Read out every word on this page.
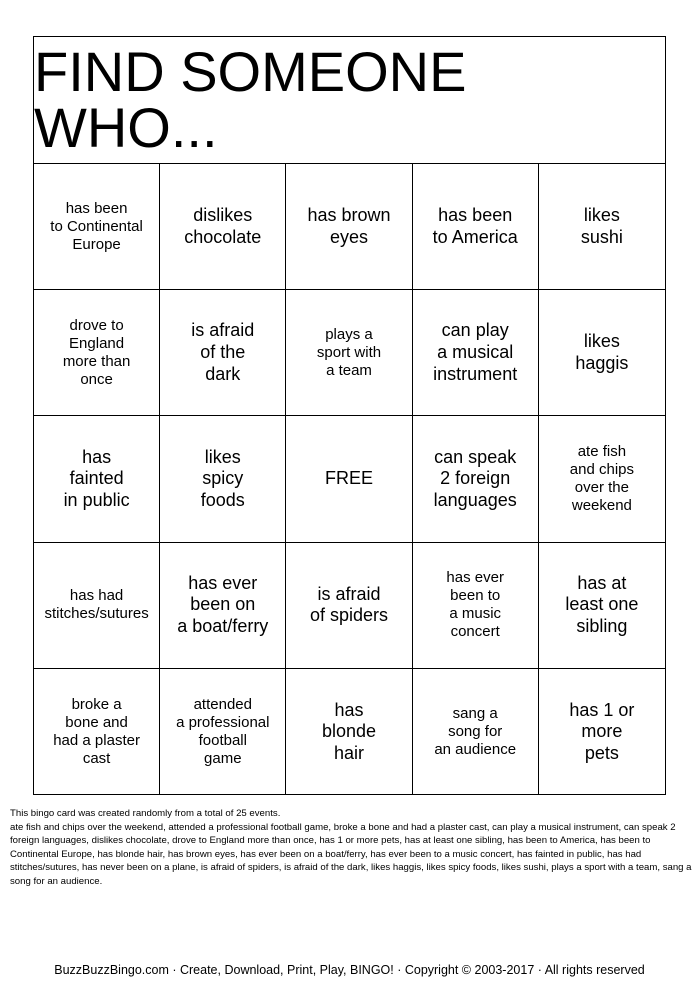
FIND SOMEONE WHO...
has been
to Continental
Europe
dislikes
chocolate
has brown
eyes
has been
to America
likes
sushi
drove to
England
more than
once
is afraid
of the
dark
plays a
sport with
a team
can play
a musical
instrument
likes
haggis
has
fainted
in public
likes
spicy
foods
FREE
can speak
2 foreign
languages
ate fish
and chips
over the
weekend
has had
stitches/sutures
has ever
been on
a boat/ferry
is afraid
of spiders
has ever
been to
a music
concert
has at
least one
sibling
broke a
bone and
had a plaster
cast
attended
a professional
football
game
has
blonde
hair
sang a
song for
an audience
has 1 or
more
pets

This bingo card was created randomly from a total of 25 events.

ate fish and chips over the weekend, attended a professional football game, broke a bone and had a plaster cast, can play a musical instrument, can speak 2 foreign languages, dislikes chocolate, drove to England more than once, has 1 or more pets, has at least one sibling, has been to America, has been to Continental Europe, has blonde hair, has brown eyes, has ever been on a boat/ferry, has ever been to a music concert, has fainted in public, has had stitches/sutures, has never been on a plane, is afraid of spiders, is afraid of the dark, likes haggis, likes spicy foods, likes sushi, plays a sport with a team, sang a song for an audience.

BuzzBuzzBingo.com · Create, Download, Print, Play, BINGO! · Copyright © 2003-2017 · All rights reserved
